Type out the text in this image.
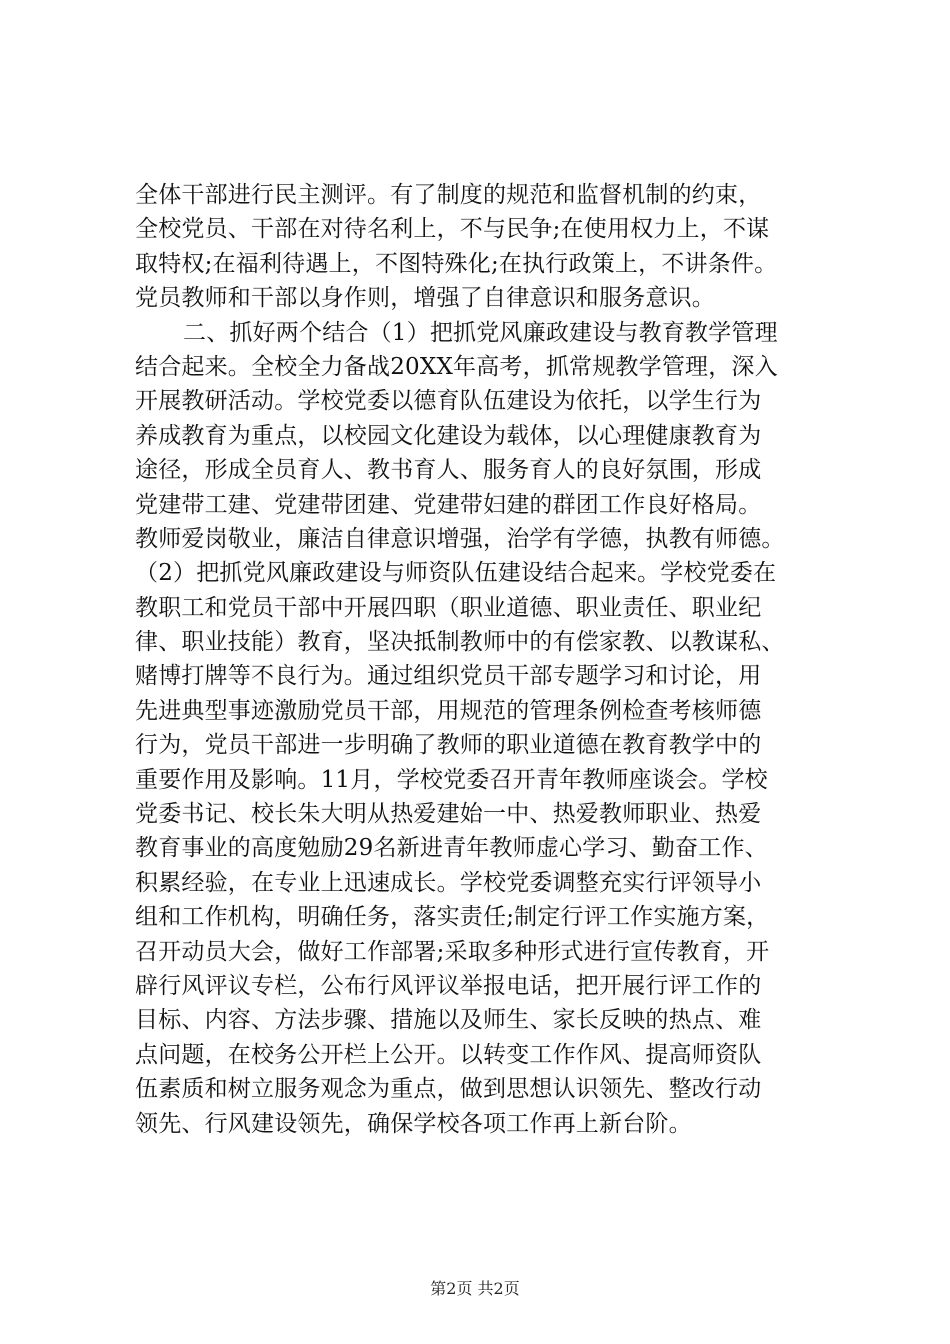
全体干部进行民主测评。有了制度的规范和监督机制的约束，
全校党员、干部在对待名利上，不与民争;在使用权力上，不谋
取特权;在福利待遇上，不图特殊化;在执行政策上，不讲条件。
党员教师和干部以身作则，增强了自律意识和服务意识。
二、抓好两个结合（1）把抓党风廉政建设与教育教学管理
结合起来。全校全力备战20XX年高考，抓常规教学管理，深入
开展教研活动。学校党委以德育队伍建设为依托，以学生行为
养成教育为重点，以校园文化建设为载体，以心理健康教育为
途径，形成全员育人、教书育人、服务育人的良好氛围，形成
党建带工建、党建带团建、党建带妇建的群团工作良好格局。
教师爱岗敬业，廉洁自律意识增强，治学有学德，执教有师德。
（2）把抓党风廉政建设与师资队伍建设结合起来。学校党委在
教职工和党员干部中开展四职（职业道德、职业责任、职业纪
律、职业技能）教育，坚决抵制教师中的有偿家教、以教谋私、
赌博打牌等不良行为。通过组织党员干部专题学习和讨论，用
先进典型事迹激励党员干部，用规范的管理条例检查考核师德
行为，党员干部进一步明确了教师的职业道德在教育教学中的
重要作用及影响。11月，学校党委召开青年教师座谈会。学校
党委书记、校长朱大明从热爱建始一中、热爱教师职业、热爱
教育事业的高度勉励29名新进青年教师虚心学习、勤奋工作、
积累经验，在专业上迅速成长。学校党委调整充实行评领导小
组和工作机构，明确任务，落实责任;制定行评工作实施方案，
召开动员大会，做好工作部署;采取多种形式进行宣传教育，开
辟行风评议专栏，公布行风评议举报电话，把开展行评工作的
目标、内容、方法步骤、措施以及师生、家长反映的热点、难
点问题，在校务公开栏上公开。以转变工作作风、提高师资队
伍素质和树立服务观念为重点，做到思想认识领先、整改行动
领先、行风建设领先，确保学校各项工作再上新台阶。
第2页 共2页
